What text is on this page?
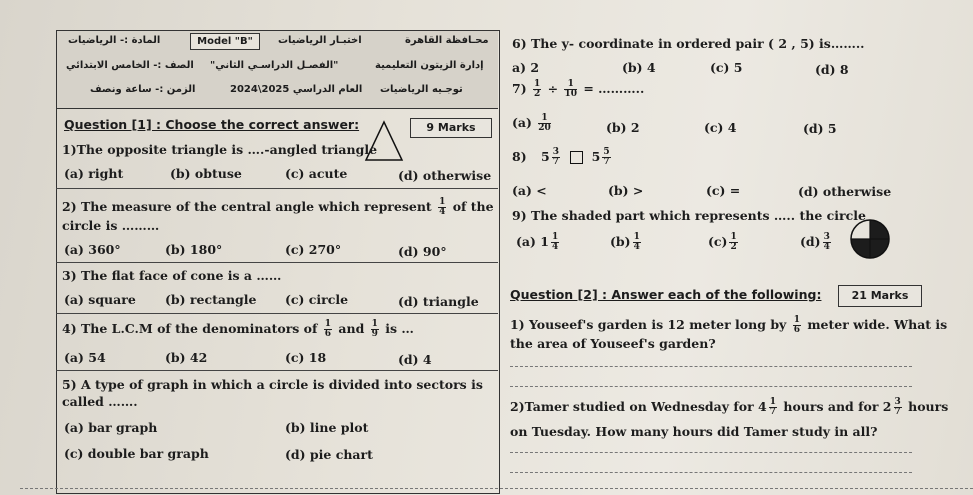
المادة :- الرياضيات	Model "B"	اختبـار الرياضيات	محـافظة القاهرة
الصف :- الخامس الابتدائي "الفصـل الدراسـي الثاني"	إدارة الزيتون التعليمية
الزمن :- ساعة ونصف	العام الدراسي 2025\2024 توجـيه الرياضيات
Question [1] : Choose the correct answer:	9 Marks
1)The opposite triangle is ….-angled triangle
(a) right	(b) obtuse	(c) acute	(d) otherwise
2) The measure of the central angle which represent $\frac{1}{4}$ of the
circle is ………
(a) 360°	(b) 180°	(c) 270°	(d) 90°
3) The flat face of cone is a ……
(a) square (b) rectangle (c) circle	(d) triangle
4) The L.C.M of the denominators of $\frac{1}{6}$ and $\frac{1}{9}$ is …
(a) 54	(b) 42	(c) 18	(d) 4
5) A type of graph in which a circle is divided into sectors is
called …….
(a) bar graph	(b) line plot
(c) double bar graph	(d) pie chart
6) The y- coordinate in ordered pair ( 2 , 5) is……..
a) 2	(b) 4	(c) 5	(d) 8
$7) \frac{1}{2} \div \frac{1}{10}$ = ………..
$(a) \frac{1}{20}$	(b) 2	(c) 4	(d) 5
8) $5 \frac{3}{7}$	$5 \frac{5}{7}$
(a) <	(b) >	(c) =	(d) otherwise
9) The shaded part which represents ….. the circle
(a) $1 \frac{1}{4}$	$(b) \frac{1}{4}$	$(c) \frac{1}{2}$	$(d) \frac{3}{4}$
Question [2] : Answer each of the following:	21 Marks
1) Youseef's garden is 12 meter long by $\frac{1}{6}$ meter wide. What is
the area of Youseef's garden?
2)Tamer studied on Wednesday for $4 \frac{1}{7}$ hours and for $2 \frac{3}{7}$ hours
on Tuesday. How many hours did Tamer study in all?
